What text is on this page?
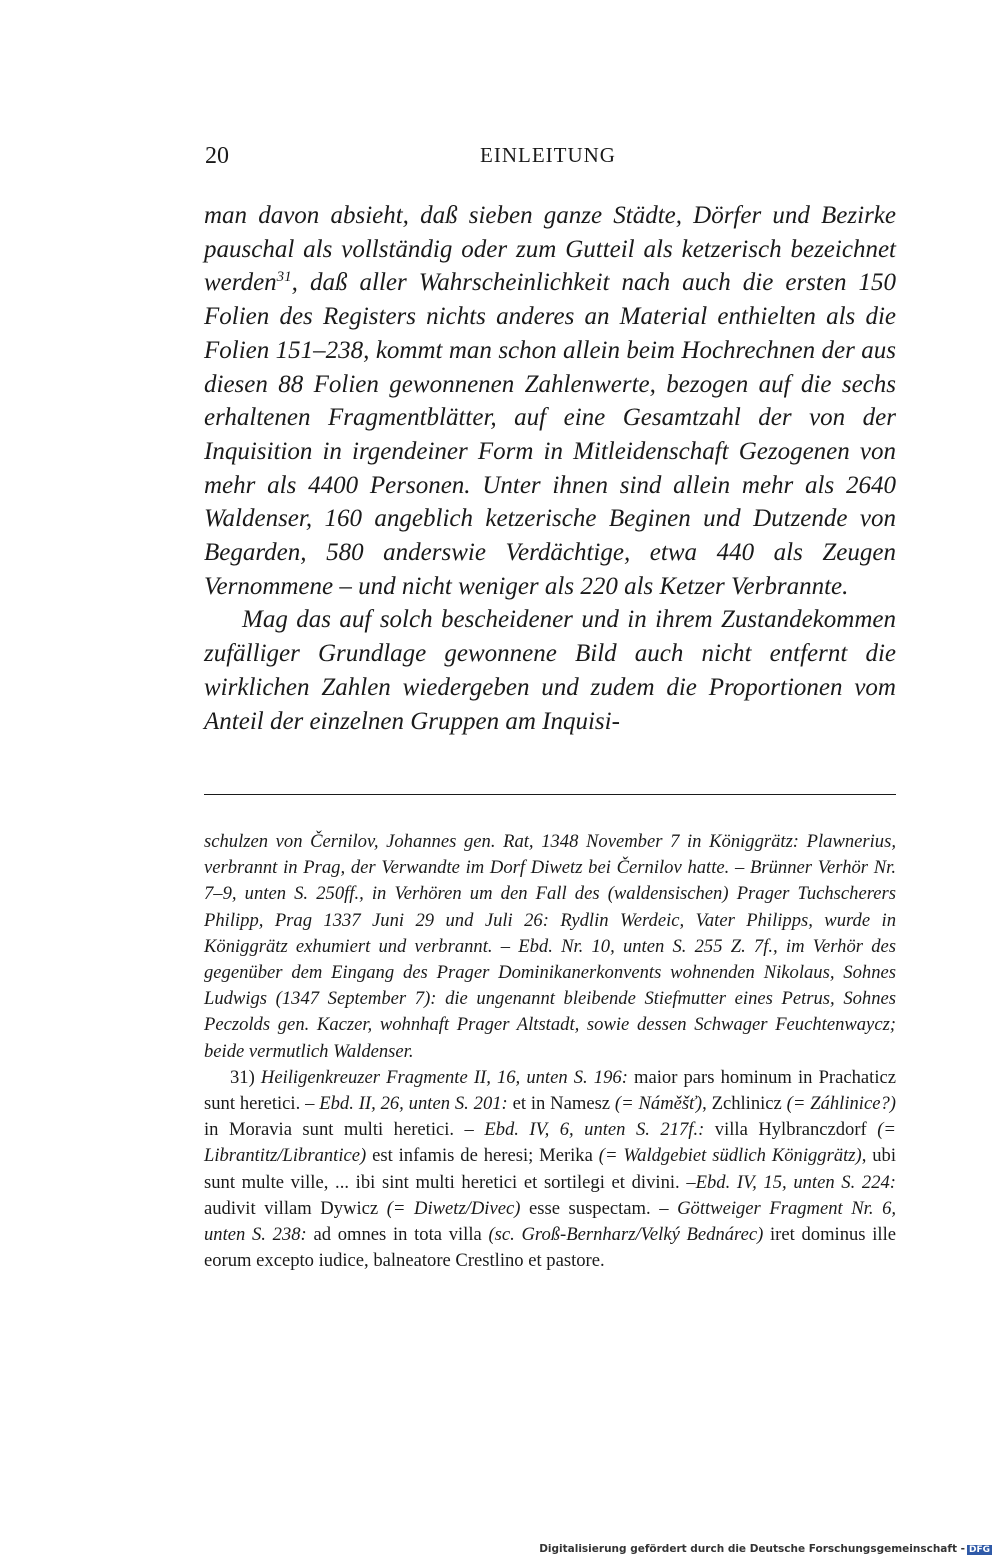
20	EINLEITUNG

man davon absieht, daß sieben ganze Städte, Dörfer und Bezirke pauschal als vollständig oder zum Gutteil als ketzerisch bezeichnet werden$^{31}$, daß aller Wahrscheinlichkeit nach auch die ersten 150 Folien des Registers nichts anderes an Material enthielten als die Folien 151–238, kommt man schon allein beim Hochrechnen der aus diesen 88 Folien gewonnenen Zahlenwerte, bezogen auf die sechs erhaltenen Fragmentblätter, auf eine Gesamtzahl der von der Inquisition in irgendeiner Form in Mitleidenschaft Gezogenen von mehr als 4400 Personen. Unter ihnen sind allein mehr als 2640 Waldenser, 160 angeblich ketzerische Beginen und Dutzende von Begarden, 580 anderswie Verdächtige, etwa 440 als Zeugen Vernommene – und nicht weniger als 220 als Ketzer Verbrannte.

Mag das auf solch bescheidener und in ihrem Zustandekommen zufälliger Grundlage gewonnene Bild auch nicht entfernt die wirklichen Zahlen wiedergeben und zudem die Proportionen vom Anteil der einzelnen Gruppen am Inquisi-

schulzen von Černilov, Johannes gen. Rat, 1348 November 7 in Königgrätz: Plawnerius, verbrannt in Prag, der Verwandte im Dorf Diwetz bei Černilov hatte. – Brünner Verhör Nr. 7–9, unten S. 250ff., in Verhören um den Fall des (waldensischen) Prager Tuchscherers Philipp, Prag 1337 Juni 29 und Juli 26: Rydlin Werdeic, Vater Philipps, wurde in Königgrätz exhumiert und verbrannt. – Ebd. Nr. 10, unten S. 255 Z. 7f., im Verhör des gegenüber dem Eingang des Prager Dominikanerkonvents wohnenden Nikolaus, Sohnes Ludwigs (1347 September 7): die ungenannt bleibende Stiefmutter eines Petrus, Sohnes Peczolds gen. Kaczer, wohnhaft Prager Altstadt, sowie dessen Schwager Feuchtenwaycz; beide vermutlich Waldenser.

31) Heiligenkreuzer Fragmente II, 16, unten S. 196: maior pars hominum in Prachaticz sunt heretici. – Ebd. II, 26, unten S. 201: et in Namesz (= Náměšť), Zchlinicz (= Záhlinice?) in Moravia sunt multi heretici. – Ebd. IV, 6, unten S. 217f.: villa Hylbranczdorf (= Librantitz/Librantice) est infamis de heresi; Merika (= Waldgebiet südlich Königgrätz), ubi sunt multe ville, ... ibi sint multi heretici et sortilegi et divini. –Ebd. IV, 15, unten S. 224: audivit villam Dywicz (= Diwetz/Divec) esse suspectam. – Göttweiger Fragment Nr. 6, unten S. 238: ad omnes in tota villa (sc. Groß-Bernharz/Velký Bednárec) iret dominus ille eorum excepto iudice, balneatore Crestlino et pastore.

Digitalisierung gefördert durch die Deutsche Forschungsgemeinschaft - DFG
